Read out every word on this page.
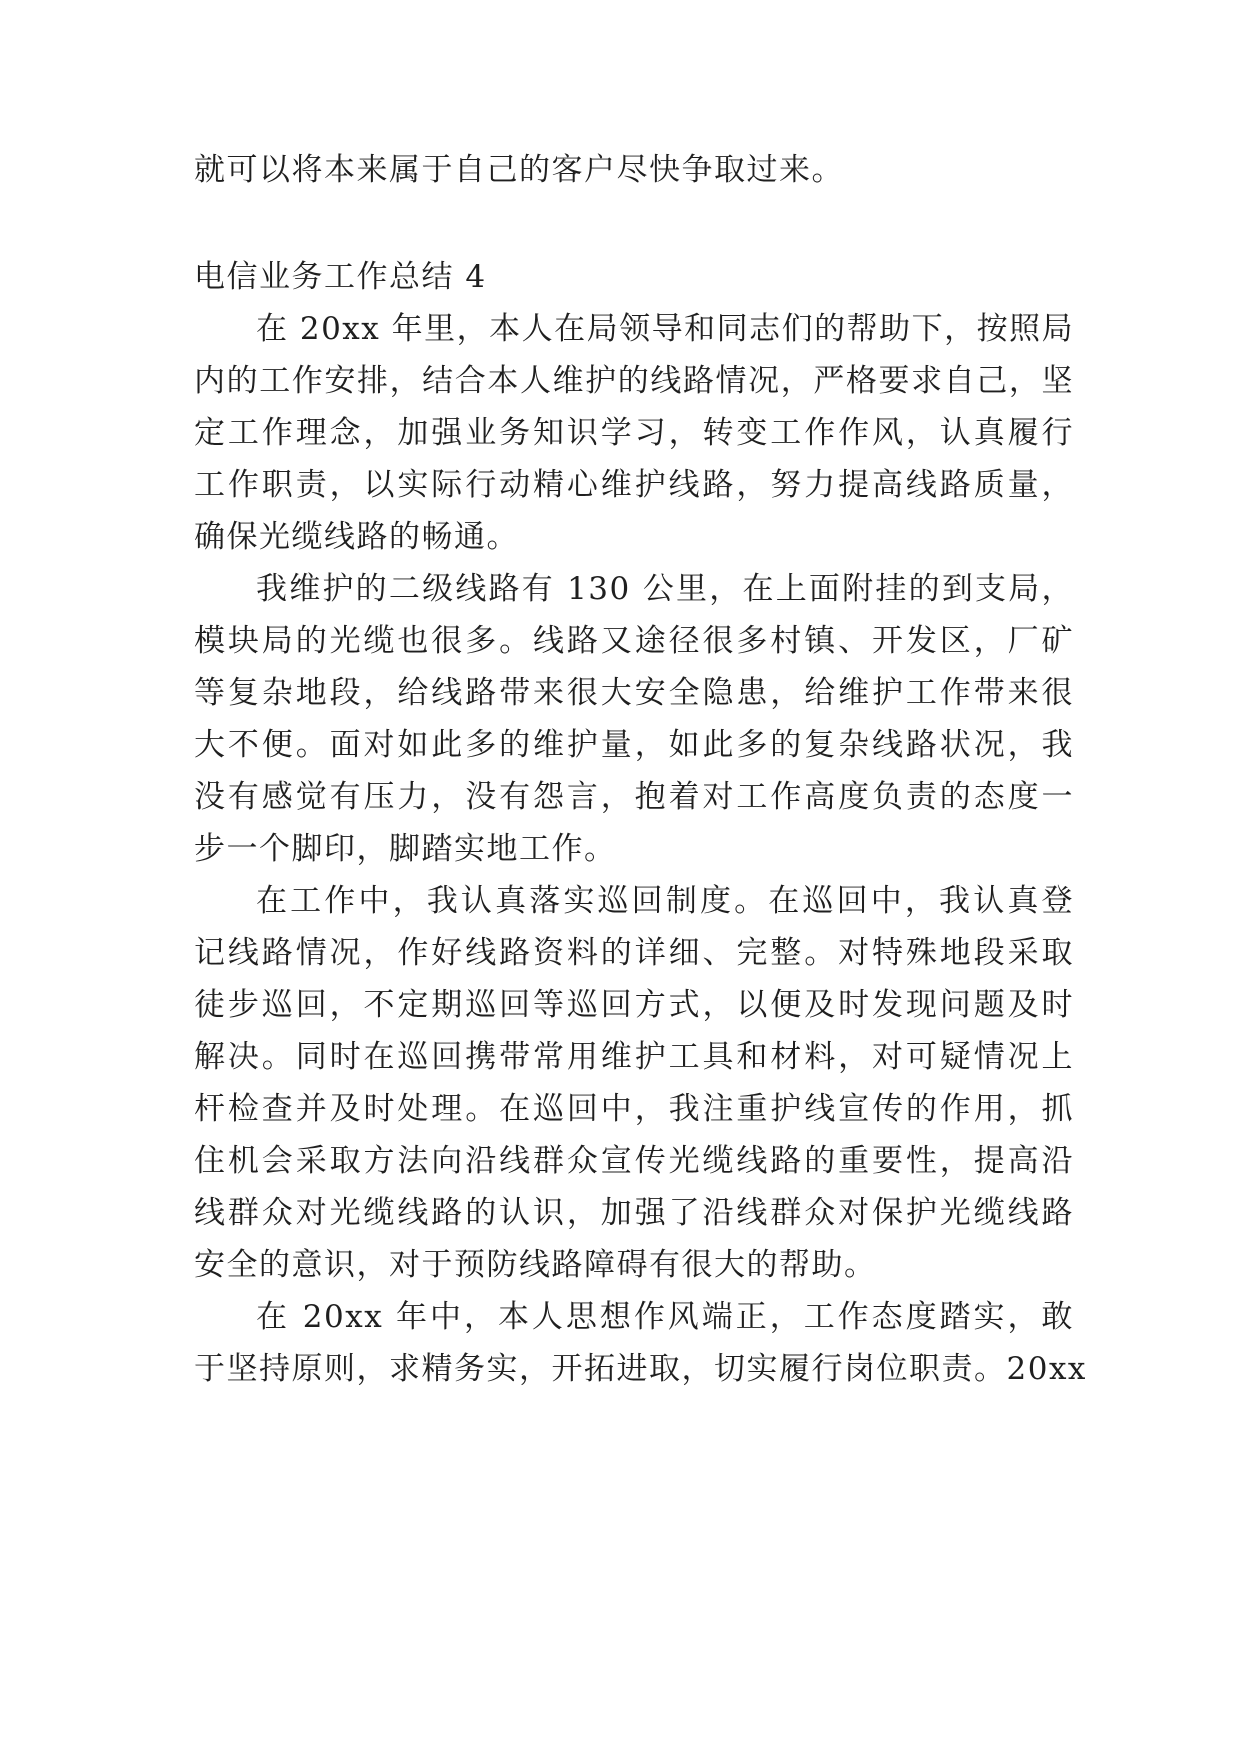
就可以将本来属于自己的客户尽快争取过来。
电信业务工作总结 4
在 20xx 年里，本人在局领导和同志们的帮助下，按照局
内的工作安排，结合本人维护的线路情况，严格要求自己，坚
定工作理念，加强业务知识学习，转变工作作风，认真履行
工作职责，以实际行动精心维护线路，努力提高线路质量，
确保光缆线路的畅通。
我维护的二级线路有 130 公里，在上面附挂的到支局，
模块局的光缆也很多。线路又途径很多村镇、开发区，厂矿
等复杂地段，给线路带来很大安全隐患，给维护工作带来很
大不便。面对如此多的维护量，如此多的复杂线路状况，我
没有感觉有压力，没有怨言，抱着对工作高度负责的态度一
步一个脚印，脚踏实地工作。
在工作中，我认真落实巡回制度。在巡回中，我认真登
记线路情况，作好线路资料的详细、完整。对特殊地段采取
徒步巡回，不定期巡回等巡回方式，以便及时发现问题及时
解决。同时在巡回携带常用维护工具和材料，对可疑情况上
杆检查并及时处理。在巡回中，我注重护线宣传的作用，抓
住机会采取方法向沿线群众宣传光缆线路的重要性，提高沿
线群众对光缆线路的认识，加强了沿线群众对保护光缆线路
安全的意识，对于预防线路障碍有很大的帮助。
在 20xx 年中，本人思想作风端正，工作态度踏实，敢
于坚持原则，求精务实，开拓进取，切实履行岗位职责。20xx
